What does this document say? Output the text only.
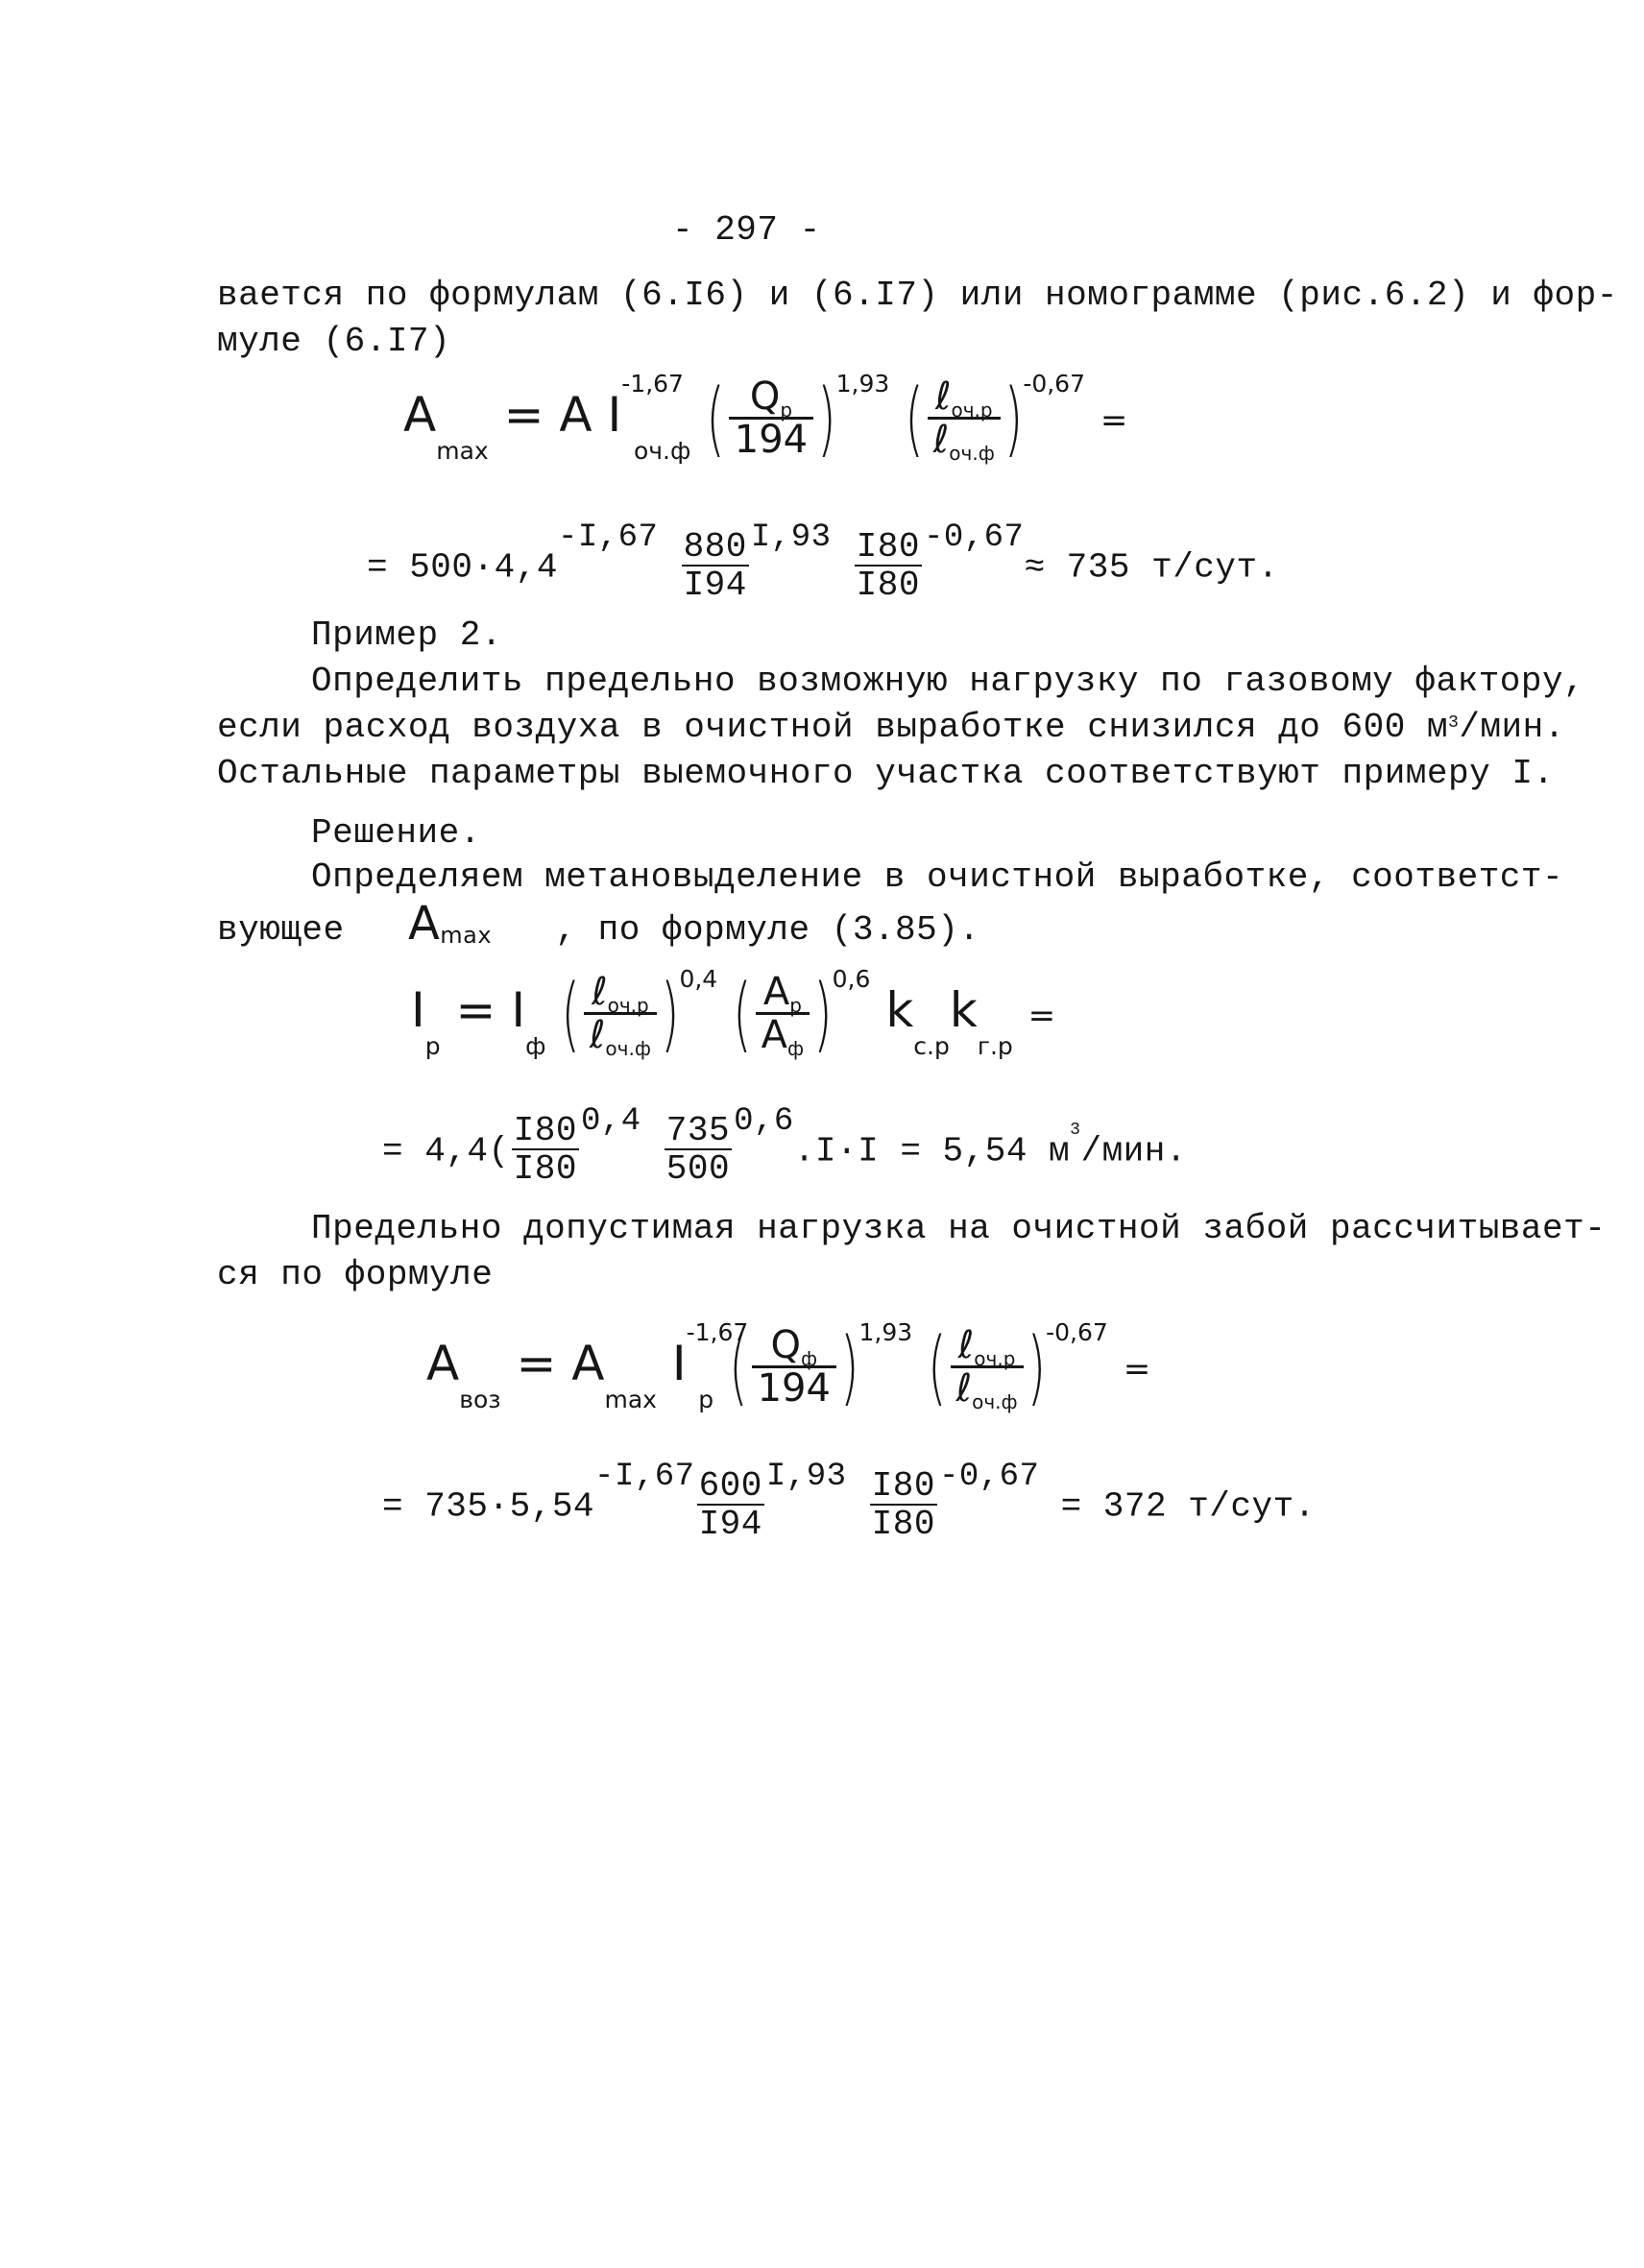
- 297 -
вается по формулам (6.I6) и (6.I7) или номограмме (рис.6.2) и фор-
муле (6.I7)
$A_{max} = A$ $I^{-1,67}_{оч.ф}$ ( $\frac{Q_р}{194} )^{1,93}$ ( $\frac{\ell_{оч.р}}{\ell_{оч.ф}} )^{-0,67}$ =
= $500\cdot 4,4-I,67 \frac{880}{I94} I,93 \frac{I80}{I80} -0,67\approx 735$ т/сут.
Пример 2.
Определить предельно возможную нагрузку по газовому фактору,
если расход воздуха в очистной выработке снизился до 600 $м^3$/мин.
Остальные параметры выемочного участка соответствуют примеру I.
Решение.
Определяем метановыделение в очистной выработке, соответст-
вующее $A_{max}$ , по формуле (3.85).
$I_р = I_ф$ ( $\frac{\ell_{оч.р}}{\ell_{оч.ф}} )^{0,4}$ ( $\frac{A_р}{A_ф} )^{0,6}$ $k_{с.р}k_{г.р}$ =
= $4,4( \frac{I80}{I80} 0,4 \frac{735}{500} 0,6.I\cdot I = 5,54$ $м^3$/мин.
Предельно допустимая нагрузка на очистной забой рассчитывает-
ся по формуле
$A_{воз} = A_{max}$ $I^{-1,67}_р$ ( $\frac{Q_ф}{194} )^{1,93}$ ( $\frac{\ell_{оч.р}}{\ell_{оч.ф}} )^{-0,67}$ =
= $735\cdot 5,54-I,67 \frac{600}{I94} I,93 \frac{I80}{I80} -0,67 = 372$ т/сут.
